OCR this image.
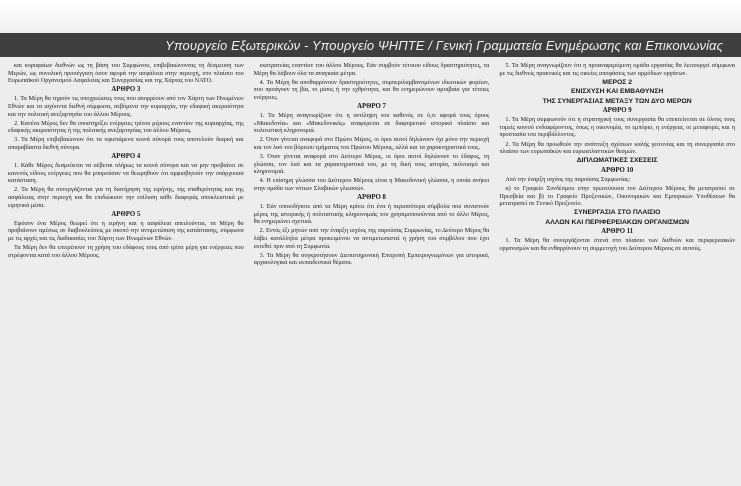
Υπουργείο Εξωτερικών - Υπουργείο ΨΗΠΤΕ / Γενική Γραμματεία Ενημέρωσης και Επικοινωνίας

και κορυφαίων διεθνών ως τη βάση του Συμφώνου, επιβεβαιώνοντας τη δέσμευση των Μερών, ως συνολική προσέγγιση όσον αφορά την ασφάλεια στην περιοχή, στο πλαίσιο του Ευρωπαϊκού Οργανισμού Ασφαλείας και Συνεργασίας και της Χάρτας του ΝΑΤΟ.

ΑΡΘΡΟ 3

1. Τα Μέρη θα τηρούν τις υποχρεώσεις τους που απορρέουν από τον Χάρτη των Ηνωμένων Εθνών και τα ισχύοντα διεθνή σύμφωνα, σεβόμενα την κυριαρχία, την εδαφική ακεραιότητα και την πολιτική ανεξαρτησία του άλλου Μέρους.

2. Κανένα Μέρος δεν θα υποστηρίξει ενέργειες τρίτου μέρους εναντίον της κυριαρχίας, της εδαφικής ακεραιότητας ή της πολιτικής ανεξαρτησίας του άλλου Μέρους.

3. Τα Μέρη επιβεβαιώνουν ότι τα υφιστάμενα κοινά σύνορά τους αποτελούν διαρκή και απαραβίαστα διεθνή σύνορα.

ΑΡΘΡΟ 4

1. Κάθε Μέρος δεσμεύεται να σέβεται πλήρως τα κοινά σύνορα και να μην προβαίνει σε κανενός είδους ενέργειες που θα μπορούσαν να θεωρηθούν ότι αμφισβητούν την υπάρχουσα κατάσταση.

2. Τα Μέρη θα συνεργάζονται για τη διατήρηση της ειρήνης, της σταθερότητας και της ασφάλειας στην περιοχή και θα επιδιώκουν την επίλυση κάθε διαφοράς αποκλειστικά με ειρηνικά μέσα.

ΑΡΘΡΟ 5

Εφόσον ένα Μέρος θεωρεί ότι η ειρήνη και η ασφάλεια απειλούνται, τα Μέρη θα προβαίνουν αμέσως σε διαβουλεύσεις με σκοπό την αντιμετώπιση της κατάστασης, σύμφωνα με τις αρχές και τις διαδικασίες του Χάρτη των Ηνωμένων Εθνών.

Τα Μέρη δεν θα επιτρέπουν τη χρήση του εδάφους τους από τρίτα μέρη για ενέργειες που στρέφονται κατά του άλλου Μέρους.

εκστρατείας εναντίον του άλλου Μέρους. Εάν συμβούν τέτοιου είδους δραστηριότητες, τα Μέρη θα λάβουν όλα τα αναγκαία μέτρα.

4. Τα Μέρη θα αποθαρρύνουν δραστηριότητες, συμπεριλαμβανομένων ιδιωτικών φορέων, που προάγουν τη βία, το μίσος ή την εχθρότητα, και θα ενημερώνουν αμοιβαία για τέτοιες ενέργειες.

ΑΡΘΡΟ 7

1. Τα Μέρη αναγνωρίζουν ότι η αντίληψη του καθενός σε ό,τι αφορά τους όρους «Μακεδονία» και «Μακεδονικός» αναφέρεται σε διαφορετικό ιστορικό πλαίσιο και πολιτιστική κληρονομιά.

2. Όταν γίνεται αναφορά στο Πρώτο Μέρος, οι όροι αυτοί δηλώνουν όχι μόνο την περιοχή και τον λαό του βόρειου τμήματος του Πρώτου Μέρους, αλλά και τα χαρακτηριστικά τους.

3. Όταν γίνεται αναφορά στο Δεύτερο Μέρος, οι όροι αυτοί δηλώνουν το έδαφος, τη γλώσσα, τον λαό και τα χαρακτηριστικά του, με τη δική τους ιστορία, πολιτισμό και κληρονομιά.

4. Η επίσημη γλώσσα του Δεύτερου Μέρους είναι η Μακεδονική γλώσσα, η οποία ανήκει στην ομάδα των νότιων Σλαβικών γλωσσών.

ΑΡΘΡΟ 8

1. Εάν οποιοδήποτε από τα Μέρη κρίνει ότι ένα ή περισσότερα σύμβολα που συνιστούν μέρος της ιστορικής ή πολιτιστικής κληρονομιάς του χρησιμοποιούνται από το άλλο Μέρος, θα ενημερώνει σχετικά.

2. Εντός έξι μηνών από την έναρξη ισχύος της παρούσας Συμφωνίας, το Δεύτερο Μέρος θα λάβει κατάλληλα μέτρα προκειμένου να αντιμετωπιστεί η χρήση του συμβόλου που έχει εκτεθεί πριν από τη Συμφωνία.

3. Τα Μέρη θα συγκροτήσουν Διεπιστημονική Επιτροπή Εμπειρογνωμόνων για ιστορικά, αρχαιολογικά και εκπαιδευτικά θέματα.

5. Τα Μέρη αναγνωρίζουν ότι η προαναφερόμενη ομάδα εργασίας θα λειτουργεί σύμφωνα με τις διεθνείς πρακτικές και τις οικείες αποφάσεις των αρμόδιων οργάνων.

ΜΕΡΟΣ 2

ΕΝΙΣΧΥΣΗ ΚΑΙ ΕΜΒΑΘΥΝΣΗ

ΤΗΣ ΣΥΝΕΡΓΑΣΙΑΣ ΜΕΤΑΞΥ ΤΩΝ ΔΥΟ ΜΕΡΩΝ

ΑΡΘΡΟ 9

1. Τα Μέρη συμφωνούν ότι η στρατηγική τους συνεργασία θα επεκτείνεται σε όλους τους τομείς κοινού ενδιαφέροντος, όπως η οικονομία, το εμπόριο, η ενέργεια, οι μεταφορές και η προστασία του περιβάλλοντος.

2. Τα Μέρη θα προωθούν την ανάπτυξη σχέσεων καλής γειτονίας και τη συνεργασία στο πλαίσιο των ευρωπαϊκών και ευρωατλαντικών θεσμών.

ΔΙΠΛΩΜΑΤΙΚΕΣ ΣΧΕΣΕΙΣ

ΑΡΘΡΟ 10

Από την έναρξη ισχύος της παρούσας Συμφωνίας:

α) το Γραφείο Συνδέσμου στην πρωτεύουσα του Δεύτερου Μέρους θα μετατραπεί σε Πρεσβεία και β) το Γραφείο Προξενικών, Οικονομικών και Εμπορικών Υποθέσεων θα μετατραπεί σε Γενικό Προξενείο.

ΣΥΝΕΡΓΑΣΙΑ ΣΤΟ ΠΛΑΙΣΙΟ

ΑΛΛΩΝ ΚΑΙ ΠΕΡΙΦΕΡΕΙΑΚΩΝ ΟΡΓΑΝΙΣΜΩΝ

ΑΡΘΡΟ 11

1. Τα Μέρη θα συνεργάζονται στενά στο πλαίσιο των διεθνών και περιφερειακών οργανισμών και θα ενθαρρύνουν τη συμμετοχή του Δεύτερου Μέρους σε αυτούς.
